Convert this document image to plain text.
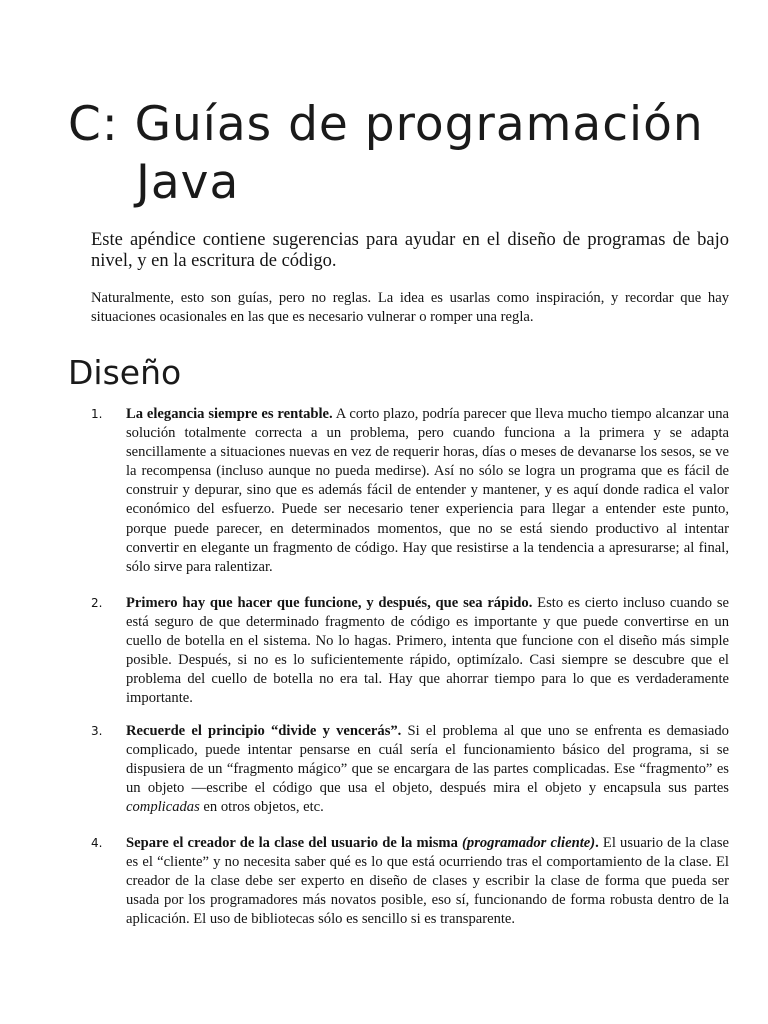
C: Guías de programación
Java

Este apéndice contiene sugerencias para ayudar en el diseño de programas de bajo nivel, y en la escritura de código.

Naturalmente, esto son guías, pero no reglas. La idea es usarlas como inspiración, y recordar que hay situaciones ocasionales en las que es necesario vulnerar o romper una regla.

Diseño
1. La elegancia siempre es rentable. A corto plazo, podría parecer que lleva mucho tiempo alcanzar una solución totalmente correcta a un problema, pero cuando funciona a la primera y se adapta sencillamente a situaciones nuevas en vez de requerir horas, días o meses de devanarse los sesos, se ve la recompensa (incluso aunque no pueda medirse). Así no sólo se logra un programa que es fácil de construir y depurar, sino que es además fácil de entender y mantener, y es aquí donde radica el valor económico del esfuerzo. Puede ser necesario tener experiencia para llegar a entender este punto, porque puede parecer, en determinados momentos, que no se está siendo productivo al intentar convertir en elegante un fragmento de código. Hay que resistirse a la tendencia a apresurarse; al final, sólo sirve para ralentizar.

2. Primero hay que hacer que funcione, y después, que sea rápido. Esto es cierto incluso cuando se está seguro de que determinado fragmento de código es importante y que puede convertirse en un cuello de botella en el sistema. No lo hagas. Primero, intenta que funcione con el diseño más simple posible. Después, si no es lo suficientemente rápido, optimízalo. Casi siempre se descubre que el problema del cuello de botella no era tal. Hay que ahorrar tiempo para lo que es verdaderamente importante.

3. Recuerde el principio “divide y vencerás”. Si el problema al que uno se enfrenta es demasiado complicado, puede intentar pensarse en cuál sería el funcionamiento básico del programa, si se dispusiera de un “fragmento mágico” que se encargara de las partes complicadas. Ese “fragmento” es un objeto —escribe el código que usa el objeto, después mira el objeto y encapsula sus partes complicadas en otros objetos, etc.

4. Separe el creador de la clase del usuario de la misma (programador cliente). El usuario de la clase es el “cliente” y no necesita saber qué es lo que está ocurriendo tras el comportamiento de la clase. El creador de la clase debe ser experto en diseño de clases y escribir la clase de forma que pueda ser usada por los programadores más novatos posible, eso sí, funcionando de forma robusta dentro de la aplicación. El uso de bibliotecas sólo es sencillo si es transparente.
